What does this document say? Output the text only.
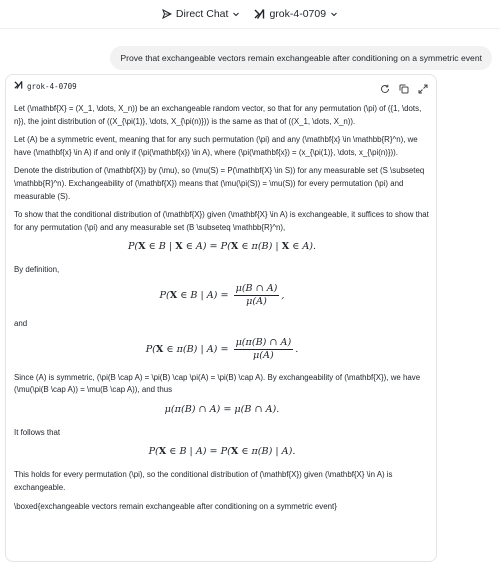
Direct Chat	grok-4-0709
Prove that exchangeable vectors remain exchangeable after conditioning on a symmetric event
grok-4-0709

Let (\mathbf{X} = (X_1, \dots, X_n)) be an exchangeable random vector, so that for any permutation (\pi) of ({1, \dots, n}), the joint distribution of ((X_{\pi(1)}, \dots, X_{\pi(n)})) is the same as that of ((X_1, \dots, X_n)).

Let (A) be a symmetric event, meaning that for any such permutation (\pi) and any (\mathbf{x} \in \mathbb{R}^n), we have (\mathbf{x} \in A) if and only if (\pi(\mathbf{x}) \in A), where (\pi(\mathbf{x}) = (x_{\pi(1)}, \dots, x_{\pi(n)})).

Denote the distribution of (\mathbf{X}) by (\mu), so (\mu(S) = P(\mathbf{X} \in S)) for any measurable set (S \subseteq \mathbb{R}^n). Exchangeability of (\mathbf{X}) means that (\mu(\pi(S)) = \mu(S)) for every permutation (\pi) and measurable (S).

To show that the conditional distribution of (\mathbf{X}) given (\mathbf{X} \in A) is exchangeable, it suffices to show that for any permutation (\pi) and any measurable set (B \subseteq \mathbb{R}^n),

P(X ∈ B | X ∈ A) = P(X ∈ π(B) | X ∈ A).

By definition,

P(X ∈ B | $A) = \frac{\mu(B \cap A)}{\mu(A)}$ ,

and

P(X ∈ π(B) | $A) = \frac{\mu(\pi(B) \cap A)}{\mu(A)}$ .

Since (A) is symmetric, (\pi(B \cap A) = \pi(B) \cap \pi(A) = \pi(B) \cap A). By exchangeability of (\mathbf{X}), we have (\mu(\pi(B \cap A)) = \mu(B \cap A)), and thus

μ(π(B) ∩ A) = μ(B ∩ A).

It follows that

P(X ∈ B | A) = P(X ∈ π(B) | A).

This holds for every permutation (\pi), so the conditional distribution of (\mathbf{X}) given (\mathbf{X} \in A) is exchangeable.

\boxed{exchangeable vectors remain exchangeable after conditioning on a symmetric event}
